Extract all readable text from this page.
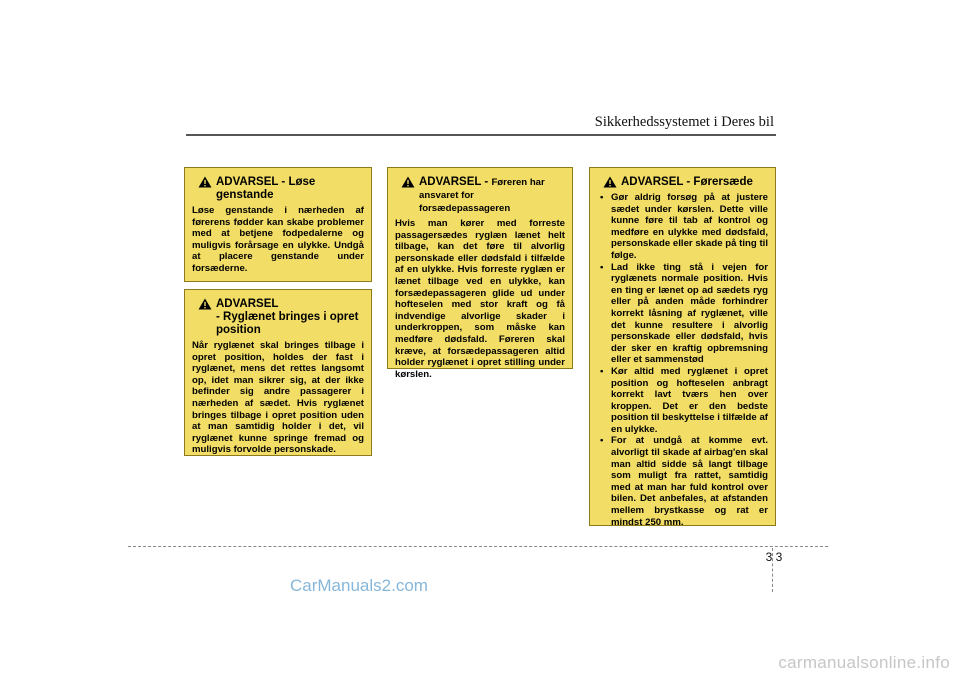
Sikkerhedssystemet i Deres bil
ADVARSEL - Løse genstande
Løse genstande i nærheden af førerens fødder kan skabe problemer med at betjene fodpedalerne og muligvis forårsage en ulykke. Undgå at placere genstande under forsæderne.
ADVARSEL
- Ryglænet bringes i opret position
Når ryglænet skal bringes tilbage i opret position, holdes der fast i ryglænet, mens det rettes langsomt op, idet man sikrer sig, at der ikke befinder sig andre passagerer i nærheden af sædet. Hvis ryglænet bringes tilbage i opret position uden at man samtidig holder i det, vil ryglænet kunne springe fremad og muligvis forvolde personskade.
ADVARSEL - Føreren har ansvaret for forsædepassageren
Hvis man kører med forreste passagersædes ryglæn lænet helt tilbage, kan det føre til alvorlig personskade eller dødsfald i tilfælde af en ulykke. Hvis forreste ryglæn er lænet tilbage ved en ulykke, kan forsædepassageren glide ud under hofteselen med stor kraft og få indvendige alvorlige skader i underkroppen, som måske kan medføre dødsfald. Føreren skal kræve, at forsædepassageren altid holder ryglænet i opret stilling under kørslen.
ADVARSEL - Førersæde
• Gør aldrig forsøg på at justere sædet under kørslen. Dette ville kunne føre til tab af kontrol og medføre en ulykke med dødsfald, personskade eller skade på ting til følge.
• Lad ikke ting stå i vejen for ryglænets normale position. Hvis en ting er lænet op ad sædets ryg eller på anden måde forhindrer korrekt låsning af ryglænet, ville det kunne resultere i alvorlig personskade eller dødsfald, hvis der sker en kraftig opbremsning eller et sammenstød
• Kør altid med ryglænet i opret position og hofteselen anbragt korrekt lavt tværs hen over kroppen. Det er den bedste position til beskyttelse i tilfælde af en ulykke.
• For at undgå at komme evt. alvorligt til skade af airbag'en skal man altid sidde så langt tilbage som muligt fra rattet, samtidig med at man har fuld kontrol over bilen. Det anbefales, at afstanden mellem brystkasse og rat er mindst 250 mm.
3 3
CarManuals2.com
carmanualsonline.info
